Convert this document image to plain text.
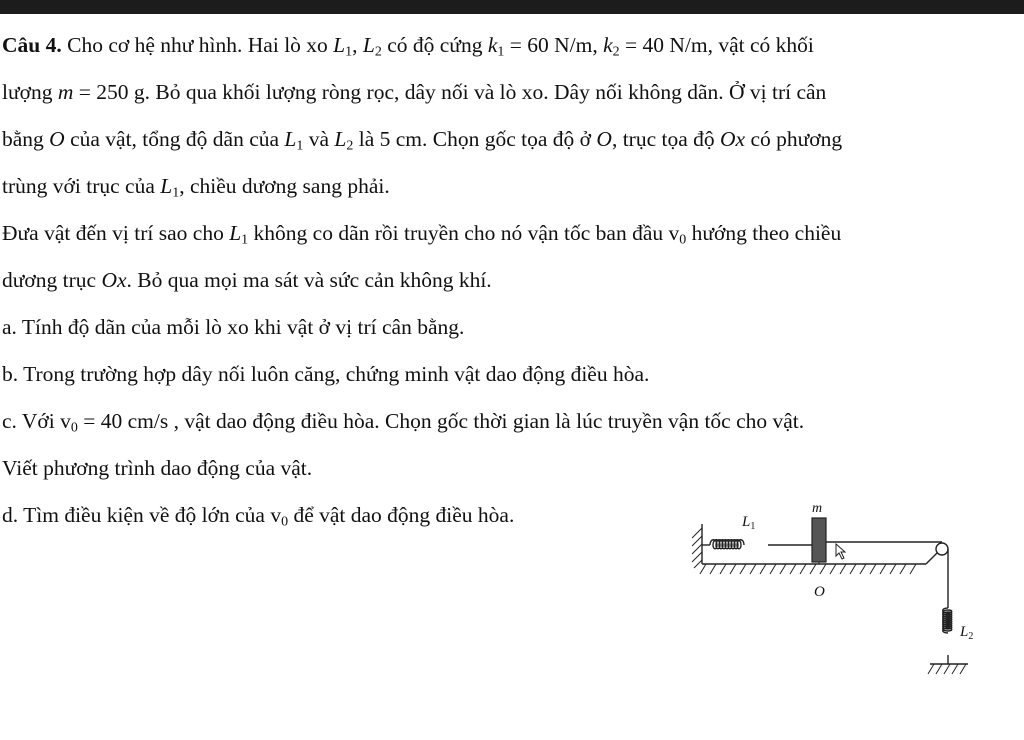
Câu 4. Cho cơ hệ như hình. Hai lò xo $L_1$, $L_2$ có độ cứng $k_1 = 60$ N/m, $k_2 = 40$ N/m, vật có khối

lượng m = 250 g. Bỏ qua khối lượng ròng rọc, dây nối và lò xo. Dây nối không dãn. Ở vị trí cân

bằng O của vật, tổng độ dãn của $L_1$ và $L_2$ là 5 cm. Chọn gốc tọa độ ở O, trục tọa độ Ox có phương

trùng với trục của $L_1$, chiều dương sang phải.

Đưa vật đến vị trí sao cho $L_1$ không co dãn rồi truyền cho nó vận tốc ban đầu $v_0$ hướng theo chiều

dương trục Ox. Bỏ qua mọi ma sát và sức cản không khí.

a. Tính độ dãn của mỗi lò xo khi vật ở vị trí cân bằng.

b. Trong trường hợp dây nối luôn căng, chứng minh vật dao động điều hòa.

c. Với $v_0 = 40$ cm/s , vật dao động điều hòa. Chọn gốc thời gian là lúc truyền vận tốc cho vật.

Viết phương trình dao động của vật.

d. Tìm điều kiện về độ lớn của $v_0$ để vật dao động điều hòa.	m
$L_1$
O
$L_2$
